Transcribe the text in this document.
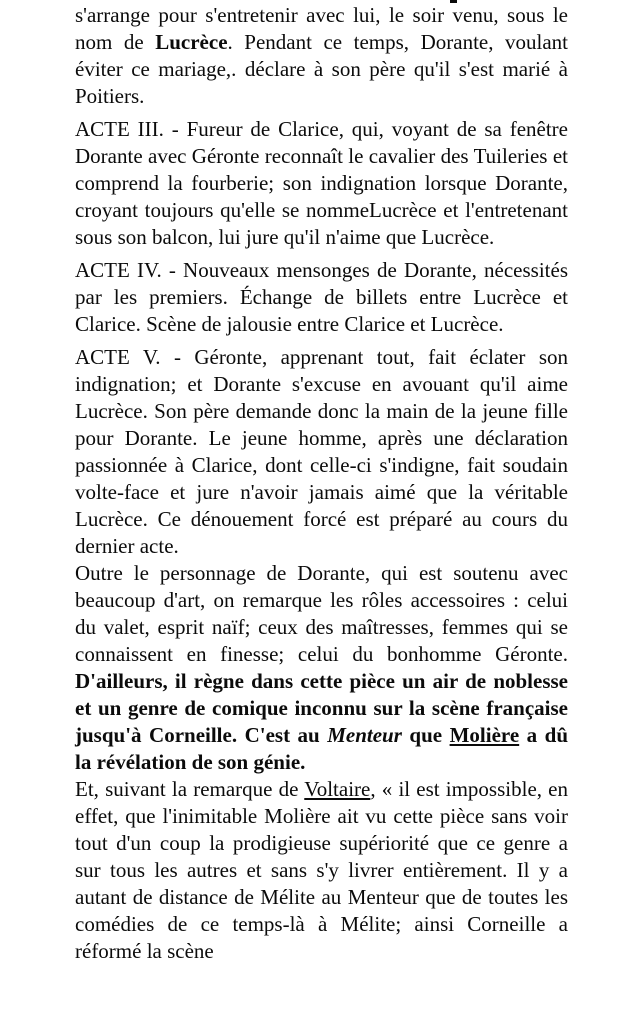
s'arrange pour s'entretenir avec lui, le soir venu, sous le nom de Lucrèce. Pendant ce temps, Dorante, voulant éviter ce mariage,. déclare à son père qu'il s'est marié à Poitiers.

ACTE III. - Fureur de Clarice, qui, voyant de sa fenêtre Dorante avec Géronte reconnaît le cavalier des Tuileries et comprend la fourberie; son indignation lorsque Dorante, croyant toujours qu'elle se nommeLucrèce et l'entretenant sous son balcon, lui jure qu'il n'aime que Lucrèce.

ACTE IV. - Nouveaux mensonges de Dorante, nécessités par les premiers. Échange de billets entre Lucrèce et Clarice. Scène de jalousie entre Clarice et Lucrèce.

ACTE V. - Géronte, apprenant tout, fait éclater son indignation; et Dorante s'excuse en avouant qu'il aime Lucrèce. Son père demande donc la main de la jeune fille pour Dorante. Le jeune homme, après une déclaration passionnée à Clarice, dont celle-ci s'indigne, fait soudain volte-face et jure n'avoir jamais aimé que la véritable Lucrèce. Ce dénouement forcé est préparé au cours du dernier acte.

Outre le personnage de Dorante, qui est soutenu avec beaucoup d'art, on remarque les rôles accessoires : celui du valet, esprit naïf; ceux des maîtresses, femmes qui se connaissent en finesse; celui du bonhomme Géronte. D'ailleurs, il règne dans cette pièce un air de noblesse et un genre de comique inconnu sur la scène française jusqu'à Corneille. C'est au Menteur que Molière a dû la révélation de son génie.

Et, suivant la remarque de Voltaire, « il est impossible, en effet, que l'inimitable Molière ait vu cette pièce sans voir tout d'un coup la prodigieuse supériorité que ce genre a sur tous les autres et sans s'y livrer entièrement. Il y a autant de distance de Mélite au Menteur que de toutes les comédies de ce temps-là à Mélite; ainsi Corneille a réformé la scène
